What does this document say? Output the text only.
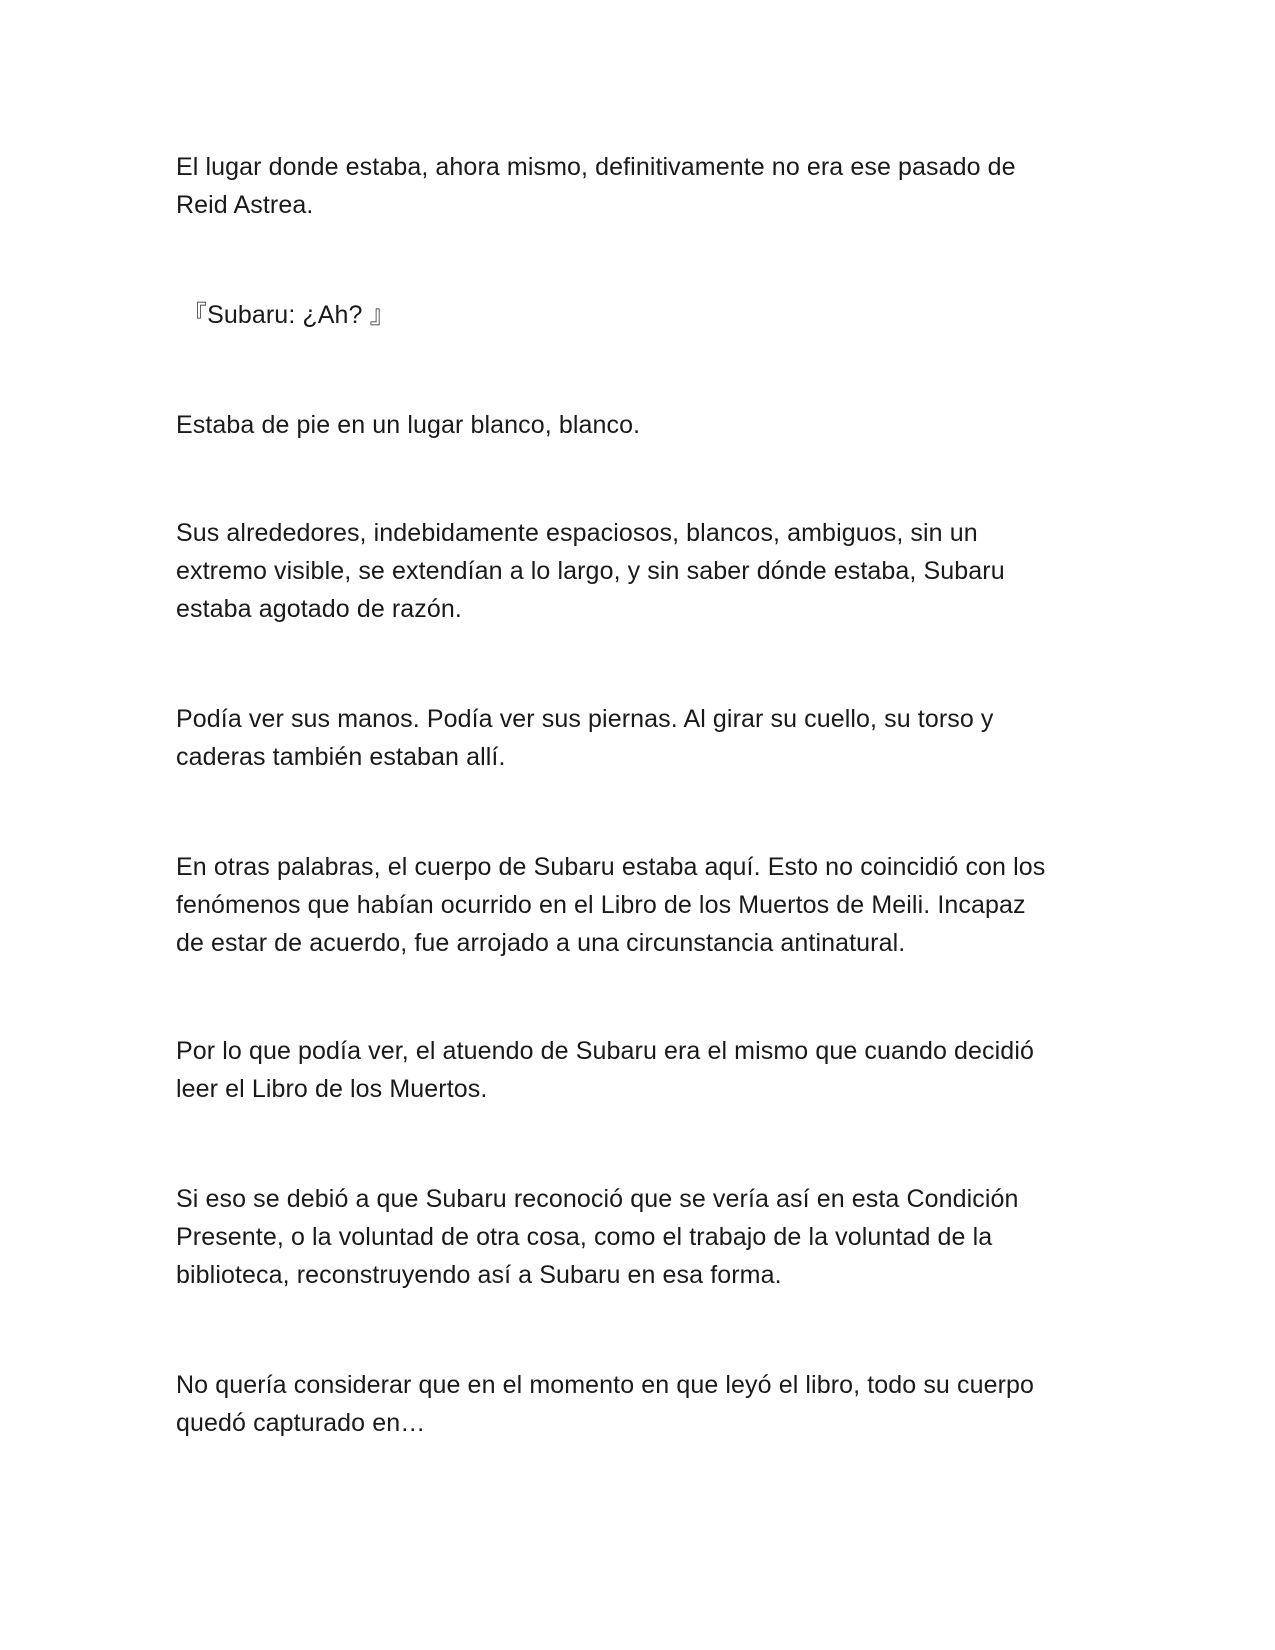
El lugar donde estaba, ahora mismo, definitivamente no era ese pasado de
Reid Astrea.

『Subaru: ¿Ah? 』

Estaba de pie en un lugar blanco, blanco.

Sus alrededores, indebidamente espaciosos, blancos, ambiguos, sin un
extremo visible, se extendían a lo largo, y sin saber dónde estaba, Subaru
estaba agotado de razón.

Podía ver sus manos. Podía ver sus piernas. Al girar su cuello, su torso y
caderas también estaban allí.

En otras palabras, el cuerpo de Subaru estaba aquí. Esto no coincidió con los
fenómenos que habían ocurrido en el Libro de los Muertos de Meili. Incapaz
de estar de acuerdo, fue arrojado a una circunstancia antinatural.

Por lo que podía ver, el atuendo de Subaru era el mismo que cuando decidió
leer el Libro de los Muertos.

Si eso se debió a que Subaru reconoció que se vería así en esta Condición
Presente, o la voluntad de otra cosa, como el trabajo de la voluntad de la
biblioteca, reconstruyendo así a Subaru en esa forma.

No quería considerar que en el momento en que leyó el libro, todo su cuerpo
quedó capturado en…
